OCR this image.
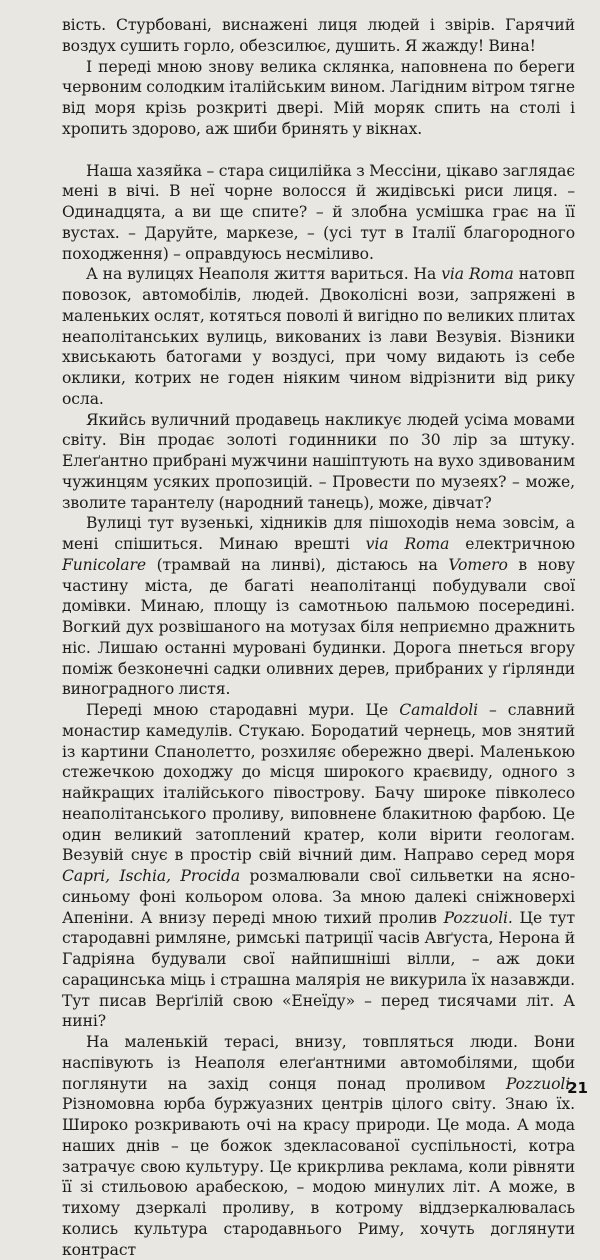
вість. Стурбовані, виснажені лиця людей і звірів. Гарячий воздух сушить горло, обезсилює, душить. Я жажду! Вина!

І переді мною знову велика склянка, наповнена по береги червоним солодким італійським вином. Лагідним вітром тягне від моря крізь розкриті двері. Мій моряк спить на столі і хропить здорово, аж шиби бринять у вікнах.

Наша хазяйка – стара сицилійка з Мессіни, цікаво заглядає мені в вічі. В неї чорне волосся й жидівські риси лиця. – Одинадцята, а ви ще спите? – й злобна усмішка грає на її вустах. – Даруйте, маркезе, – (усі тут в Італії благородного походження) – оправдуюсь несміливо.

А на вулицях Неаполя життя вариться. На via Roma натовп повозок, автомобілів, людей. Двоколісні вози, запряжені в маленьких ослят, котяться поволі й вигідно по великих плитах неаполітанських вулиць, викованих із лави Везувія. Візники хвиськають батогами у воздусі, при чому видають із себе оклики, котрих не годен ніяким чином відрізнити від рику осла.

Якийсь вуличний продавець накликує людей усіма мовами світу. Він продає золоті годинники по 30 лір за штуку. Елеґантно прибрані мужчини нашіптують на вухо здивованим чужинцям усяких пропозицій. – Провести по музеях? – може, зволите тарантелу (народний танець), може, дівчат?

Вулиці тут вузенькі, хідників для пішоходів нема зовсім, а мені спішиться. Минаю врешті via Roma електричною Funicolare (трамвай на линві), дістаюсь на Vomero в нову частину міста, де багаті неаполітанці побудували свої домівки. Минаю, площу із самотньою пальмою посередині. Вогкий дух розвішаного на мотузах біля неприємно дражнить ніс. Лишаю останні муровані будинки. Дорога пнеться вгору поміж безконечні садки оливних дерев, прибраних у ґірлянди виноградного листя.

Переді мною стародавні мури. Це Camaldoli – славний монастир камедулів. Стукаю. Бородатий чернець, мов знятий із картини Спанолетто, розхиляє обережно двері. Маленькою стежечкою доходжу до місця широкого краєвиду, одного з найкращих італійського півострову. Бачу широке півколесо неаполітанського проливу, виповнене блакитною фарбою. Це один великий затоплений кратер, коли вірити геологам. Везувій снує в простір свій вічний дим. Направо серед моря Capri, Ischia, Procida розмалювали свої сильветки на ясно-синьому фоні кольором олова. За мною далекі сніжноверхі Апеніни. А внизу переді мною тихий пролив Pozzuoli. Це тут стародавні римляне, римські патриції часів Авґуста, Нерона й Гадріяна будували свої найпишніші вілли, – аж доки сарацинська міць і страшна малярія не викурила їх назавжди. Тут писав Верґілій свою «Енеїду» – перед тисячами літ. А нині?

На маленькій терасі, внизу, товпляться люди. Вони наспівують із Неаполя елеґантними автомобілями, щоби поглянути на захід сонця понад проливом Pozzuoli. Різномовна юрба буржуазних центрів цілого світу. Знаю їх. Широко розкривають очі на красу природи. Це мода. А мода наших днів – це божок здекласованої суспільності, котра затрачує свою культуру. Це крикрлива реклама, коли рівняти її зі стильовою арабескою, – модою минулих літ. А може, в тихому дзеркалі проливу, в котрому віддзеркалювалась колись культура стародавнього Риму, хочуть доглянути контраст

21
